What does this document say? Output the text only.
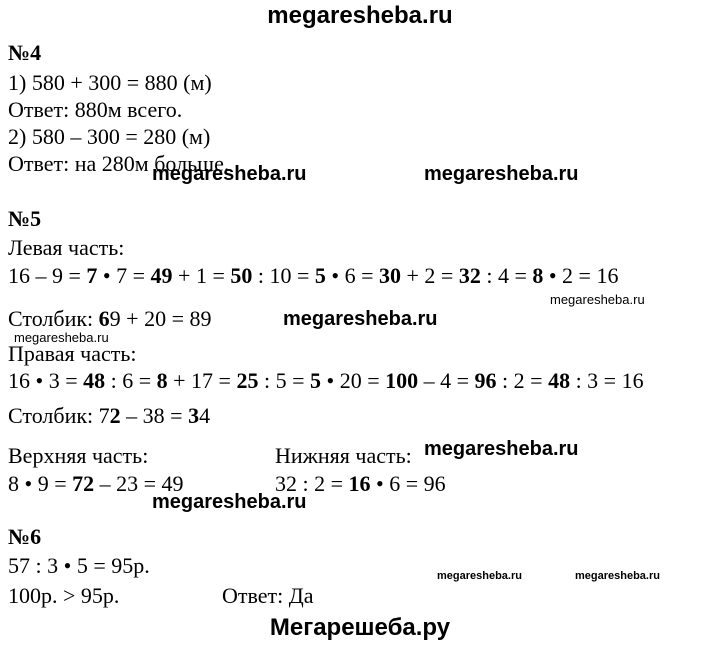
megaresheba.ru
№4
1) 580 + 300 = 880 (м)
Ответ: 880м всего.
2) 580 – 300 = 280 (м)
Ответ: на 280м больше.
megaresheba.ru	megaresheba.ru
№5
Левая часть:
16 – 9 = 7 • 7 = 49 + 1 = 50 : 10 = 5 • 6 = 30 + 2 = 32 : 4 = 8 • 2 = 16
megaresheba.ru
Столбик: 69 + 20 = 89	megaresheba.ru
megaresheba.ru
Правая часть:
16 • 3 = 48 : 6 = 8 + 17 = 25 : 5 = 5 • 20 = 100 – 4 = 96 : 2 = 48 : 3 = 16
Столбик: 72 – 38 = 34
Верхняя часть:	Нижняя часть: megaresheba.ru
8 • 9 = 72 – 23 = 49	32 : 2 = 16 • 6 = 96
megaresheba.ru
№6
57 : 3 • 5 = 95р.	megaresheba.ru	megaresheba.ru
100р. > 95р.	Ответ: Да
Мегарешеба.ру
